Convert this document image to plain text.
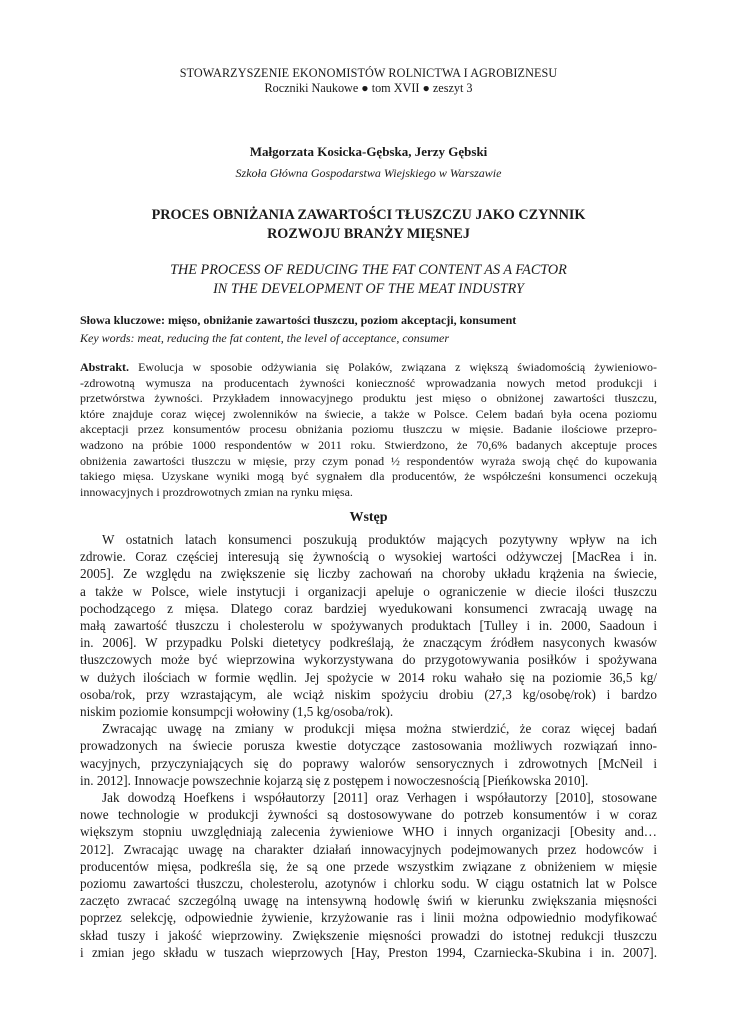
STOWARZYSZENIE EKONOMISTÓW ROLNICTWA I AGROBIZNESU
Roczniki Naukowe ● tom XVII ● zeszyt 3
Małgorzata Kosicka-Gębska, Jerzy Gębski
Szkoła Główna Gospodarstwa Wiejskiego w Warszawie
PROCES OBNIŻANIA ZAWARTOŚCI TŁUSZCZU JAKO CZYNNIK
ROZWOJU BRANŻY MIĘSNEJ
THE PROCESS OF REDUCING THE FAT CONTENT AS A FACTOR
IN THE DEVELOPMENT OF THE MEAT INDUSTRY
Słowa kluczowe: mięso, obniżanie zawartości tłuszczu, poziom akceptacji, konsument
Key words: meat, reducing the fat content, the level of acceptance, consumer
Abstrakt. Ewolucja w sposobie odżywiania się Polaków, związana z większą świadomością żywieniowo-
-zdrowotną wymusza na producentach żywności konieczność wprowadzania nowych metod produkcji i
przetwórstwa żywności. Przykładem innowacyjnego produktu jest mięso o obniżonej zawartości tłuszczu,
które znajduje coraz więcej zwolenników na świecie, a także w Polsce. Celem badań była ocena poziomu
akceptacji przez konsumentów procesu obniżania poziomu tłuszczu w mięsie. Badanie ilościowe przepro-
wadzono na próbie 1000 respondentów w 2011 roku. Stwierdzono, że 70,6% badanych akceptuje proces
obniżenia zawartości tłuszczu w mięsie, przy czym ponad ½ respondentów wyraża swoją chęć do kupowania
takiego mięsa. Uzyskane wyniki mogą być sygnałem dla producentów, że współcześni konsumenci oczekują
innowacyjnych i prozdrowotnych zmian na rynku mięsa.
Wstęp
W ostatnich latach konsumenci poszukują produktów mających pozytywny wpływ na ich
zdrowie. Coraz częściej interesują się żywnością o wysokiej wartości odżywczej [MacRea i in.
2005]. Ze względu na zwiększenie się liczby zachowań na choroby układu krążenia na świecie,
a także w Polsce, wiele instytucji i organizacji apeluje o ograniczenie w diecie ilości tłuszczu
pochodzącego z mięsa. Dlatego coraz bardziej wyedukowani konsumenci zwracają uwagę na
małą zawartość tłuszczu i cholesterolu w spożywanych produktach [Tulley i in. 2000, Saadoun i
in. 2006]. W przypadku Polski dietetycy podkreślają, że znaczącym źródłem nasyconych kwasów
tłuszczowych może być wieprzowina wykorzystywana do przygotowywania posiłków i spożywana
w dużych ilościach w formie wędlin. Jej spożycie w 2014 roku wahało się na poziomie 36,5 kg/
osoba/rok, przy wzrastającym, ale wciąż niskim spożyciu drobiu (27,3 kg/osobę/rok) i bardzo
niskim poziomie konsumpcji wołowiny (1,5 kg/osoba/rok).
Zwracając uwagę na zmiany w produkcji mięsa można stwierdzić, że coraz więcej badań
prowadzonych na świecie porusza kwestie dotyczące zastosowania możliwych rozwiązań inno-
wacyjnych, przyczyniających się do poprawy walorów sensorycznych i zdrowotnych [McNeil i
in. 2012]. Innowacje powszechnie kojarzą się z postępem i nowoczesnością [Pieńkowska 2010].
Jak dowodzą Hoefkens i współautorzy [2011] oraz Verhagen i współautorzy [2010], stosowane
nowe technologie w produkcji żywności są dostosowywane do potrzeb konsumentów i w coraz
większym stopniu uwzględniają zalecenia żywieniowe WHO i innych organizacji [Obesity and…
2012]. Zwracając uwagę na charakter działań innowacyjnych podejmowanych przez hodowców i
producentów mięsa, podkreśla się, że są one przede wszystkim związane z obniżeniem w mięsie
poziomu zawartości tłuszczu, cholesterolu, azotynów i chlorku sodu. W ciągu ostatnich lat w Polsce
zaczęto zwracać szczególną uwagę na intensywną hodowlę świń w kierunku zwiększania mięsności
poprzez selekcję, odpowiednie żywienie, krzyżowanie ras i linii można odpowiednio modyfikować
skład tuszy i jakość wieprzowiny. Zwiększenie mięsności prowadzi do istotnej redukcji tłuszczu
i zmian jego składu w tuszach wieprzowych [Hay, Preston 1994, Czarniecka-Skubina i in. 2007].
